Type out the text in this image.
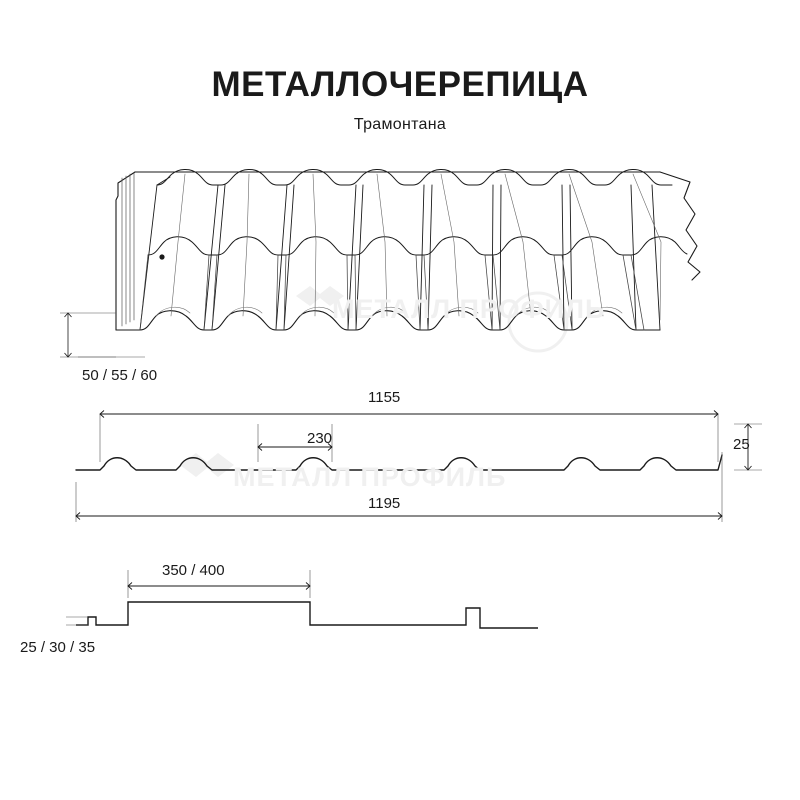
МЕТАЛЛОЧЕРЕПИЦА
Трамонтана
МЕТАЛЛ ПРОФИЛЬ
МЕТАЛЛ ПРОФИЛЬ
50 / 55 / 60
1155
230	25
1195
350 / 400
25 / 30 / 35
